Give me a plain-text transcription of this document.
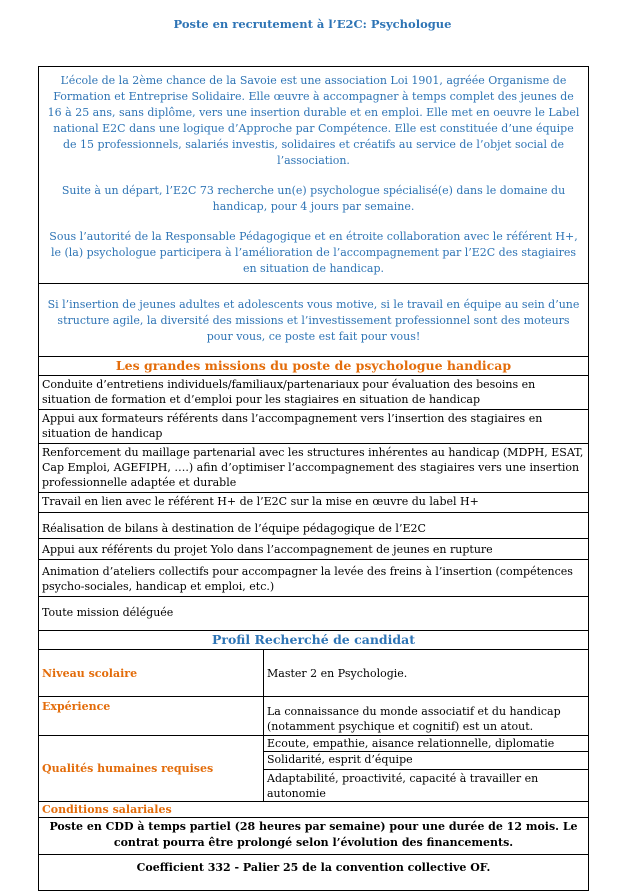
Poste en recrutement à l’E2C: Psychologue

L’école de la 2ème chance de la Savoie est une association Loi 1901, agréée Organisme de Formation et Entreprise Solidaire. Elle œuvre à accompagner à temps complet des jeunes de 16 à 25 ans, sans diplôme, vers une insertion durable et en emploi. Elle met en oeuvre le Label national E2C dans une logique d’Approche par Compétence. Elle est constituée d’une équipe de 15 professionnels, salariés investis, solidaires et créatifs au service de l’objet social de l’association.

Suite à un départ, l’E2C 73 recherche un(e) psychologue spécialisé(e) dans le domaine du handicap, pour 4 jours par semaine.

Sous l’autorité de la Responsable Pédagogique et en étroite collaboration avec le référent H+, le (la) psychologue participera à l’amélioration de l’accompagnement par l’E2C des stagiaires en situation de handicap.

Si l’insertion de jeunes adultes et adolescents vous motive, si le travail en équipe au sein d’une structure agile, la diversité des missions et l’investissement professionnel sont des moteurs pour vous, ce poste est fait pour vous!
Les grandes missions du poste de psychologue handicap
Conduite d’entretiens individuels/familiaux/partenariaux pour évaluation des besoins en situation de formation et d’emploi pour les stagiaires en situation de handicap
Appui aux formateurs référents dans l’accompagnement vers l’insertion des stagiaires en situation de handicap
Renforcement du maillage partenarial avec les structures inhérentes au handicap (MDPH, ESAT, Cap Emploi, AGEFIPH, ….) afin d’optimiser l’accompagnement des stagiaires vers une insertion professionnelle adaptée et durable
Travail en lien avec le référent H+ de l’E2C sur la mise en œuvre du label H+
Réalisation de bilans à destination de l’équipe pédagogique de l’E2C
Appui aux référents du projet Yolo dans l’accompagnement de jeunes en rupture
Animation d’ateliers collectifs pour accompagner la levée des freins à l’insertion (compétences psycho-sociales, handicap et emploi, etc.)
Toute mission déléguée
Profil Recherché de candidat
Niveau scolaire	Master 2 en Psychologie.
Expérience	La connaissance du monde associatif et du handicap (notamment psychique et cognitif) est un atout.
Qualités humaines requises
Ecoute, empathie, aisance relationnelle, diplomatie
Solidarité, esprit d’équipe
Adaptabilité, proactivité, capacité à travailler en autonomie
Conditions salariales
Poste en CDD à temps partiel (28 heures par semaine) pour une durée de 12 mois. Le contrat pourra être prolongé selon l’évolution des financements.
Coefficient 332 - Palier 25 de la convention collective OF.
